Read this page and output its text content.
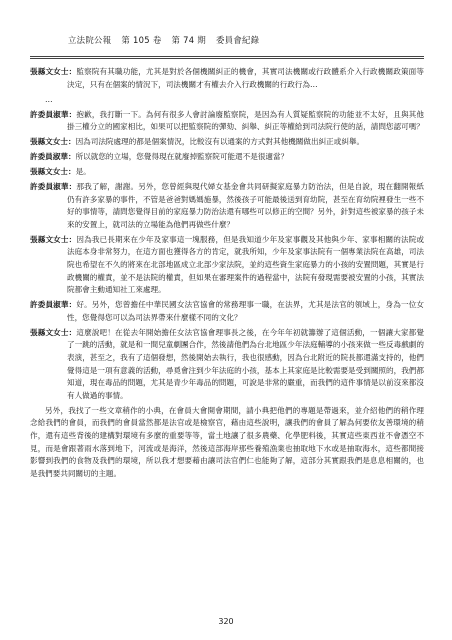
立法院公報 第 105 卷 第 74 期 委員會紀錄

張縣文女士：監察院有其職功能，尤其是對於各個機關糾正的機會，其實司法機關或行政體系介入行政機關政策面等決定，只有在個案的情況下，司法機關才有權去介入行政機關的行政行為…

…

許委員淑華：抱歉，我打斷一下。為何有很多人會討論廢監察院，是因為有人質疑監察院的功能並不太好，且與其他掛三權分立的國家相比，如果可以把監察院的彈劾、糾舉、糾正等權給到司法院行使的話，請問您認可嗎？

張縣文女士：因為司法院處理的都是個案情況，比較沒有以通案的方式對其他機關做出糾正或糾舉。

許委員淑華：所以就您的立場，您覺得現在就廢掉監察院可能還不是很適當？

張縣文女士：是。

許委員淑華：那我了解，謝謝。另外，您曾經與現代婦女基金會共同研擬家庭暴力防治法，但是自說，現在翻開報紙仍有許多家暴的事件，不管是爸爸對媽媽施暴，然後孩子可能最後送到育幼院，甚至在育幼院裡發生一些不好的事情等，請問您覺得目前的家庭暴力防治法還有哪些可以修正的空間？另外，針對這些被家暴的孩子未來的安置上，就司法的立場能為他們再做些什麼？

張縣文女士：因為我已長期來在少年及家事這一塊服務，但是我知道少年及家事觀及其他與少年、家事相關的法院或法庭本身非常努力，在這方面也獲得各方的肯定，就我所知，少年及家事法院有一個專業法院在高雄，司法院也希望在不久的將來在北部地區成立北部少家法院，並約這些資生家庭暴力的小孩的安置問題，其實是行政機關的權責，並不是法院的權責，但如果在審理案件的過程當中，法院有發現需要被安置的小孩，其實法院都會主動通知社工來處理。

許委員淑華：好。另外，您曾擔任中華民國女法官協會的常務理事一職，在法界，尤其是法官的領域上，身為一位女性，您覺得您可以為司法界帶來什麼樣不同的文化？

張縣文女士：這麼說吧！在從去年開始擔任女法官協會理事長之後，在今年年初就籌辦了這個活動，一個讓大家都覺了一跳的活動，就是和一間兒童劇團合作，然後請他們為台北地區少年法庭輔導的小孩來做一些反毒戲劇的表演，甚至之，我有了這個發想，然後開始去執行，我也很感動，因為台北附近的院長都還滿支持的，他們覺得這是一項有意義的活動，尋覓會注到少年法庭的小孩，基本上其家庭是比較需要是受到關照的，我們都知道，現在毒品的問題，尤其是青少年毒品的問題，可說是非常的嚴重，而我們的這件事情是以前沒來都沒有人做過的事情。

另外，我找了一些文章稍作的小典，在會員大會開會期間，請小典把他們的專題是帶過來，並介紹他們的稍作理念給我們的會員，而我們的會員當然都是法官或是檢察官，藉由這些說明，讓我們的會員了解為何要依友善環境的稍作，還有這些背後的建構對環境有多麼的重要等等，當土地讓了很多農藥、化學肥料後，其實這些東西並不會憑空不見，而是會跟著雨水落到地下，河流或是海洋，然後這部海岸那些養殖漁業也抽取地下水或是抽取海水，這些都間接影響到我們的食物及我們的環境，所以我才想要藉由讓司法官們仁也能夠了解，這部分其實跟我們是息息相關的，也是我們要共同關切的主題。

320
